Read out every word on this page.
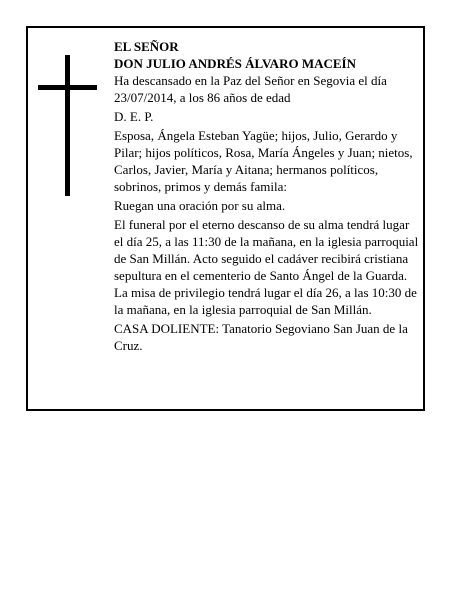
EL SEÑOR
DON JULIO ANDRÉS ÁLVARO MACEÍN
Ha descansado en la Paz del Señor en Segovia el día 23/07/2014, a los 86 años de edad
D. E. P.
Esposa, Ángela Esteban Yagüe; hijos, Julio, Gerardo y Pilar; hijos políticos, Rosa, María Ángeles y Juan; nietos, Carlos, Javier, María y Aitana; hermanos políticos, sobrinos, primos y demás famila:
Ruegan una oración por su alma.
El funeral por el eterno descanso de su alma tendrá lugar el día 25, a las 11:30 de la mañana, en la iglesia parroquial de San Millán. Acto seguido el cadáver recibirá cristiana sepultura en el cementerio de Santo Ángel de la Guarda. La misa de privilegio tendrá lugar el día 26, a las 10:30 de la mañana, en la iglesia parroquial de San Millán.
CASA DOLIENTE: Tanatorio Segoviano San Juan de la Cruz.
